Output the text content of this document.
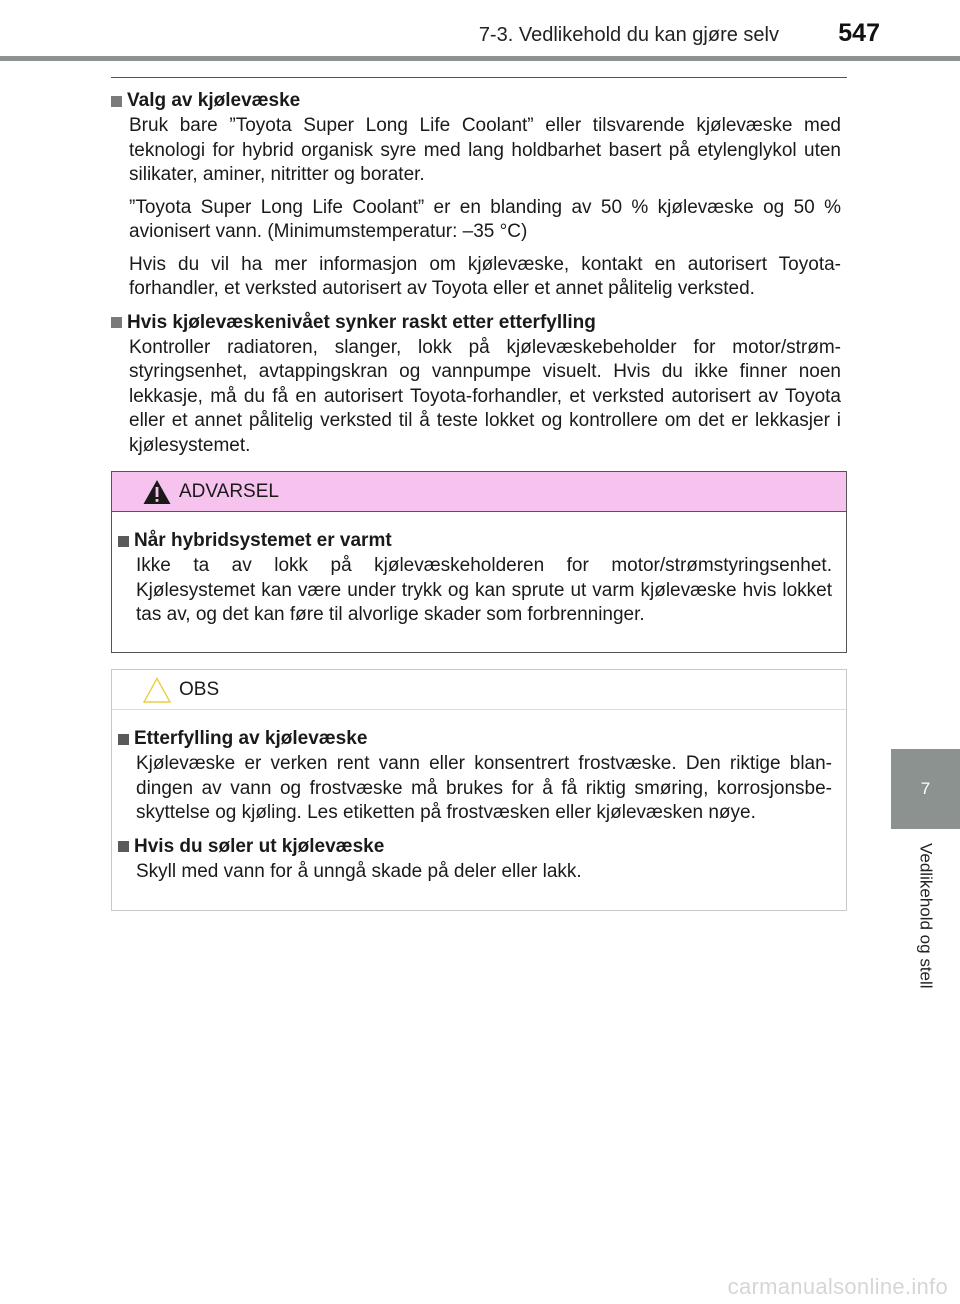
7-3. Vedlikehold du kan gjøre selv 547
Valg av kjølevæske
Bruk bare ”Toyota Super Long Life Coolant” eller tilsvarende kjølevæske med teknologi for hybrid organisk syre med lang holdbarhet basert på etylenglykol uten silikater, aminer, nitritter og borater.
”Toyota Super Long Life Coolant” er en blanding av 50 % kjølevæske og 50 % avionisert vann. (Minimumstemperatur: –35 °C)
Hvis du vil ha mer informasjon om kjølevæske, kontakt en autorisert Toyota-forhandler, et verksted autorisert av Toyota eller et annet pålitelig verksted.
Hvis kjølevæskenivået synker raskt etter etterfylling
Kontroller radiatoren, slanger, lokk på kjølevæskebeholder for motor/strøm-styringsenhet, avtappingskran og vannpumpe visuelt. Hvis du ikke finner noen lekkasje, må du få en autorisert Toyota-forhandler, et verksted autorisert av Toyota eller et annet pålitelig verksted til å teste lokket og kontrollere om det er lekkasjer i kjølesystemet.
ADVARSEL
Når hybridsystemet er varmt
Ikke ta av lokk på kjølevæskeholderen for motor/strømstyringsenhet. Kjølesystemet kan være under trykk og kan sprute ut varm kjølevæske hvis lokket tas av, og det kan føre til alvorlige skader som forbrenninger.
OBS
Etterfylling av kjølevæske
Kjølevæske er verken rent vann eller konsentrert frostvæske. Den riktige blan-dingen av vann og frostvæske må brukes for å få riktig smøring, korrosjonsbe-skyttelse og kjøling. Les etiketten på frostvæsken eller kjølevæsken nøye.
Hvis du søler ut kjølevæske
Skyll med vann for å unngå skade på deler eller lakk.
7
Vedlikehold og stell
carmanualsonline.info
